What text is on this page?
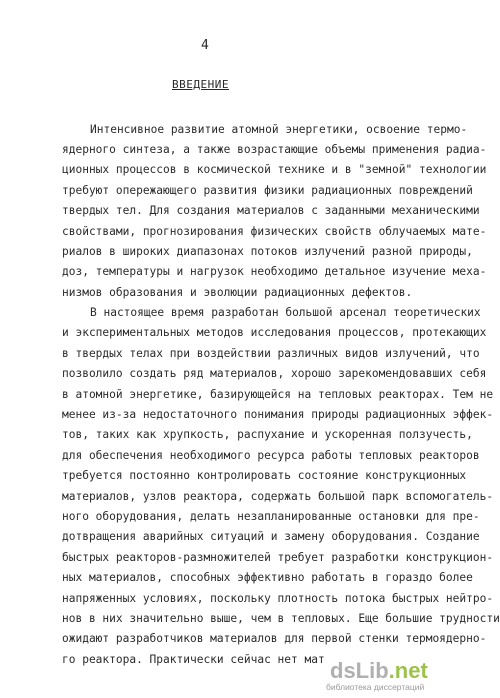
4
ВВЕДЕНИЕ
Интенсивное развитие атомной энергетики, освоение термо-
ядерного синтеза, а также возрастающие объемы применения радиа-
ционных процессов в космической технике и в "земной" технологии
требуют опережающего развития физики радиационных повреждений
твердых тел. Для создания материалов с заданными механическими
свойствами, прогнозирования физических свойств облучаемых мате-
риалов в широких диапазонах потоков излучений разной природы,
доз, температуры и нагрузок необходимо детальное изучение меха-
низмов образования и эволюции радиационных дефектов.
В настоящее время разработан большой арсенал теоретических
и экспериментальных методов исследования процессов, протекающих
в твердых телах при воздействии различных видов излучений, что
позволило создать ряд материалов, хорошо зарекомендовавших себя
в атомной энергетике, базирующейся на тепловых реакторах. Тем не
менее из-за недостаточного понимания природы радиационных эффек-
тов, таких как хрупкость, распухание и ускоренная ползучесть,
для обеспечения необходимого ресурса работы тепловых реакторов
требуется постоянно контролировать состояние конструкционных
материалов, узлов реактора, содержать большой парк вспомогатель-
ного оборудования, делать незапланированные остановки для пре-
дотвращения аварийных ситуаций и замену оборудования. Создание
быстрых реакторов-размножителей требует разработки конструкцион-
ных материалов, способных эффективно работать в гораздо более
напряженных условиях, поскольку плотность потока быстрых нейтро-
нов в них значительно выше, чем в тепловых. Еще большие трудности
ожидают разработчиков материалов для первой стенки термоядерно-
го реактора. Практически сейчас нет мат dsLib.net
библиотека диссертаций
